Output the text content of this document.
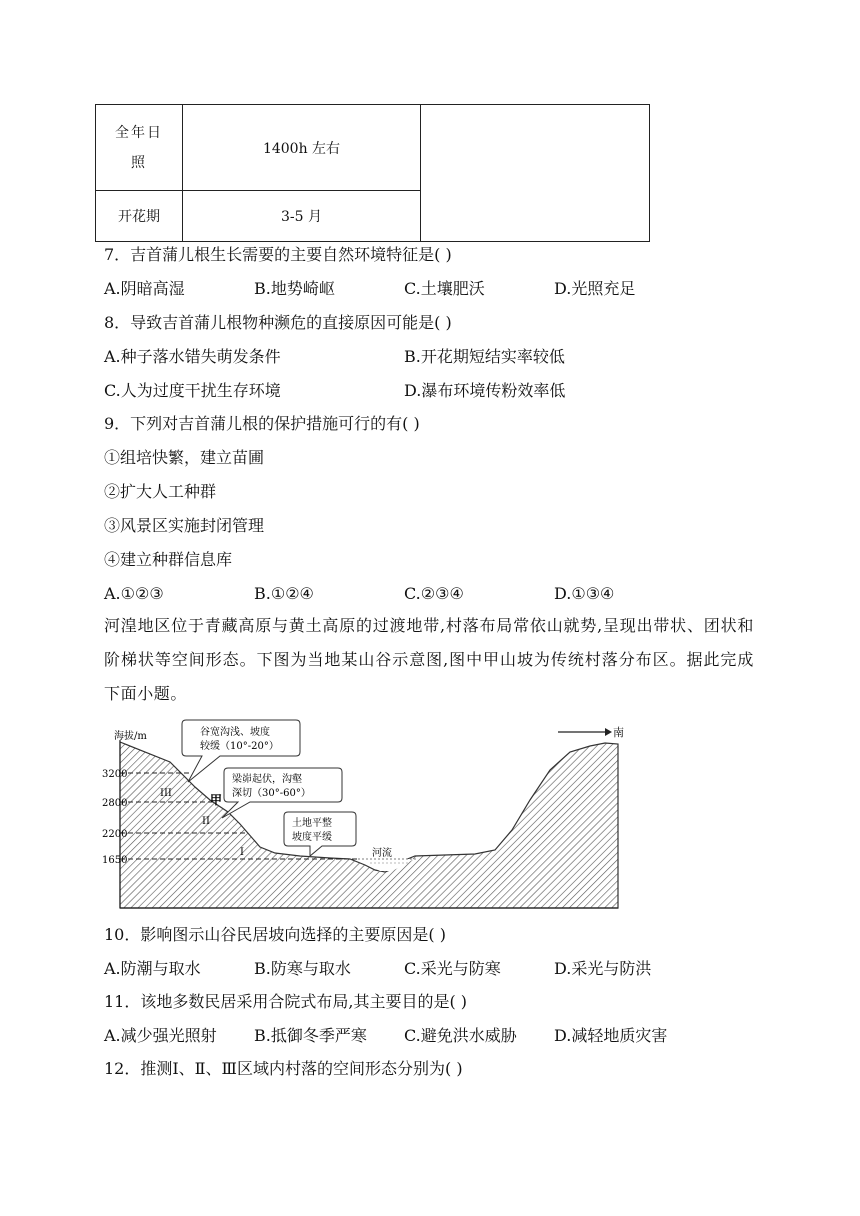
全年日照	1400h 左右	
开花期	3-5 月	
7．吉首蒲儿根生长需要的主要自然环境特征是( )
A.阴暗高湿	B.地势崎岖	C.土壤肥沃	D.光照充足
8．导致吉首蒲儿根物种濒危的直接原因可能是( )
A.种子落水错失萌发条件	B.开花期短结实率较低
C.人为过度干扰生存环境	D.瀑布环境传粉效率低
9．下列对吉首蒲儿根的保护措施可行的有( )
①组培快繁，建立苗圃
②扩大人工种群
③风景区实施封闭管理
④建立种群信息库
A.①②③	B.①②④	C.②③④	D.①③④
河湟地区位于青藏高原与黄土高原的过渡地带,村落布局常依山就势,呈现出带状、团状和阶梯状等空间形态。下图为当地某山谷示意图,图中甲山坡为传统村落分布区。据此完成下面小题。
海拔/m
3200
2800
2200
1650
III
II
I
甲
谷宽沟浅、坡度
较缓（10°-20°）
梁峁起伏，沟壑
深切（30°-60°）
土地平整
坡度平缓
河流
南
10．影响图示山谷民居坡向选择的主要原因是( )
A.防潮与取水	B.防寒与取水	C.采光与防寒	D.采光与防洪
11．该地多数民居采用合院式布局,其主要目的是( )
A.减少强光照射 B.抵御冬季严寒 C.避免洪水威胁 D.减轻地质灾害
12．推测Ⅰ、Ⅱ、Ⅲ区域内村落的空间形态分别为( )
